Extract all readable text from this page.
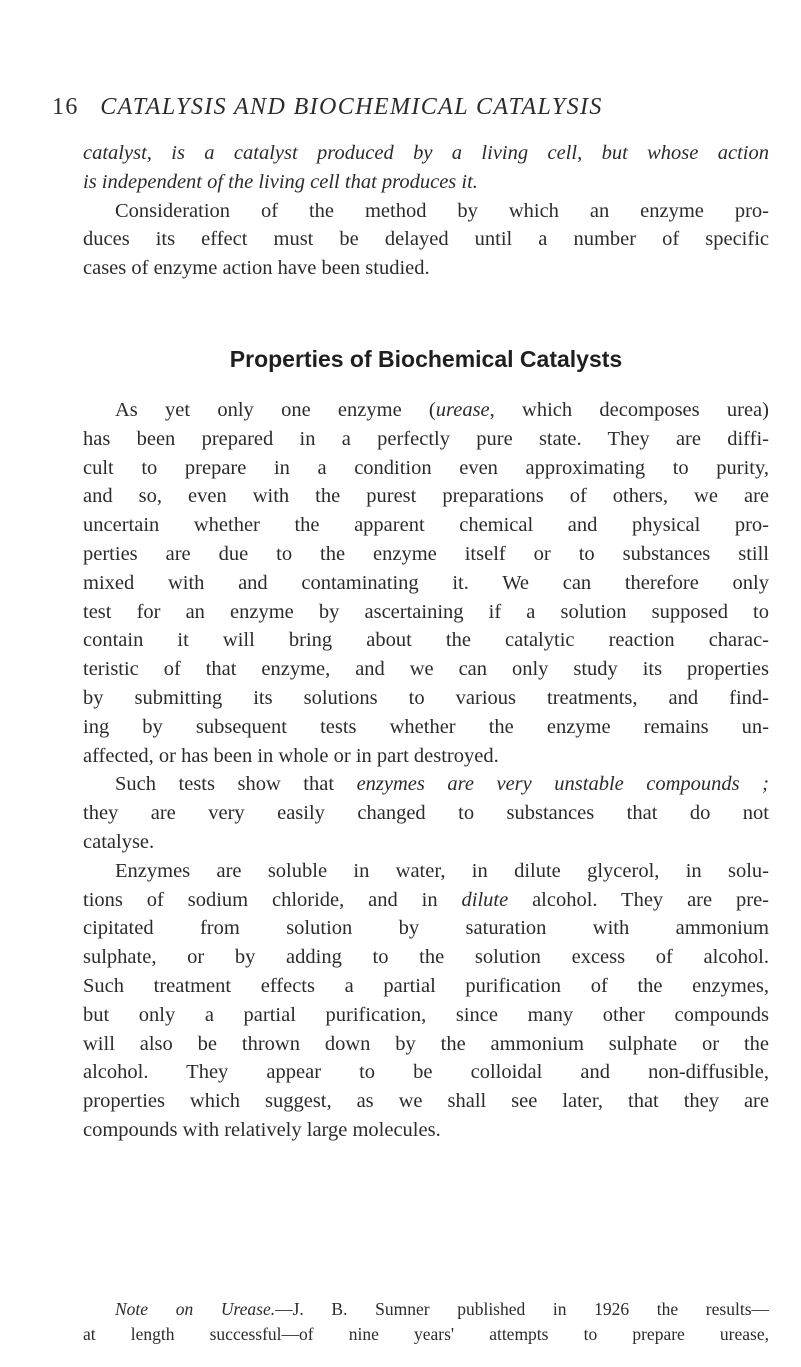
16 CATALYSIS AND BIOCHEMICAL CATALYSIS

catalyst, is a catalyst produced by a living cell, but whose action
is independent of the living cell that produces it.

Consideration of the method by which an enzyme pro-
duces its effect must be delayed until a number of specific
cases of enzyme action have been studied.

Properties of Biochemical Catalysts

As yet only one enzyme (urease, which decomposes urea)
has been prepared in a perfectly pure state. They are diffi-
cult to prepare in a condition even approximating to purity,
and so, even with the purest preparations of others, we are
uncertain whether the apparent chemical and physical pro-
perties are due to the enzyme itself or to substances still
mixed with and contaminating it. We can therefore only
test for an enzyme by ascertaining if a solution supposed to
contain it will bring about the catalytic reaction charac-
teristic of that enzyme, and we can only study its properties
by submitting its solutions to various treatments, and find-
ing by subsequent tests whether the enzyme remains un-
affected, or has been in whole or in part destroyed.

Such tests show that enzymes are very unstable compounds ;
they are very easily changed to substances that do not
catalyse.

Enzymes are soluble in water, in dilute glycerol, in solu-
tions of sodium chloride, and in dilute alcohol. They are pre-
cipitated from solution by saturation with ammonium
sulphate, or by adding to the solution excess of alcohol.
Such treatment effects a partial purification of the enzymes,
but only a partial purification, since many other compounds
will also be thrown down by the ammonium sulphate or the
alcohol. They appear to be colloidal and non-diffusible,
properties which suggest, as we shall see later, that they are
compounds with relatively large molecules.

Note on Urease.—J. B. Sumner published in 1926 the results—
at length successful—of nine years' attempts to prepare urease,
